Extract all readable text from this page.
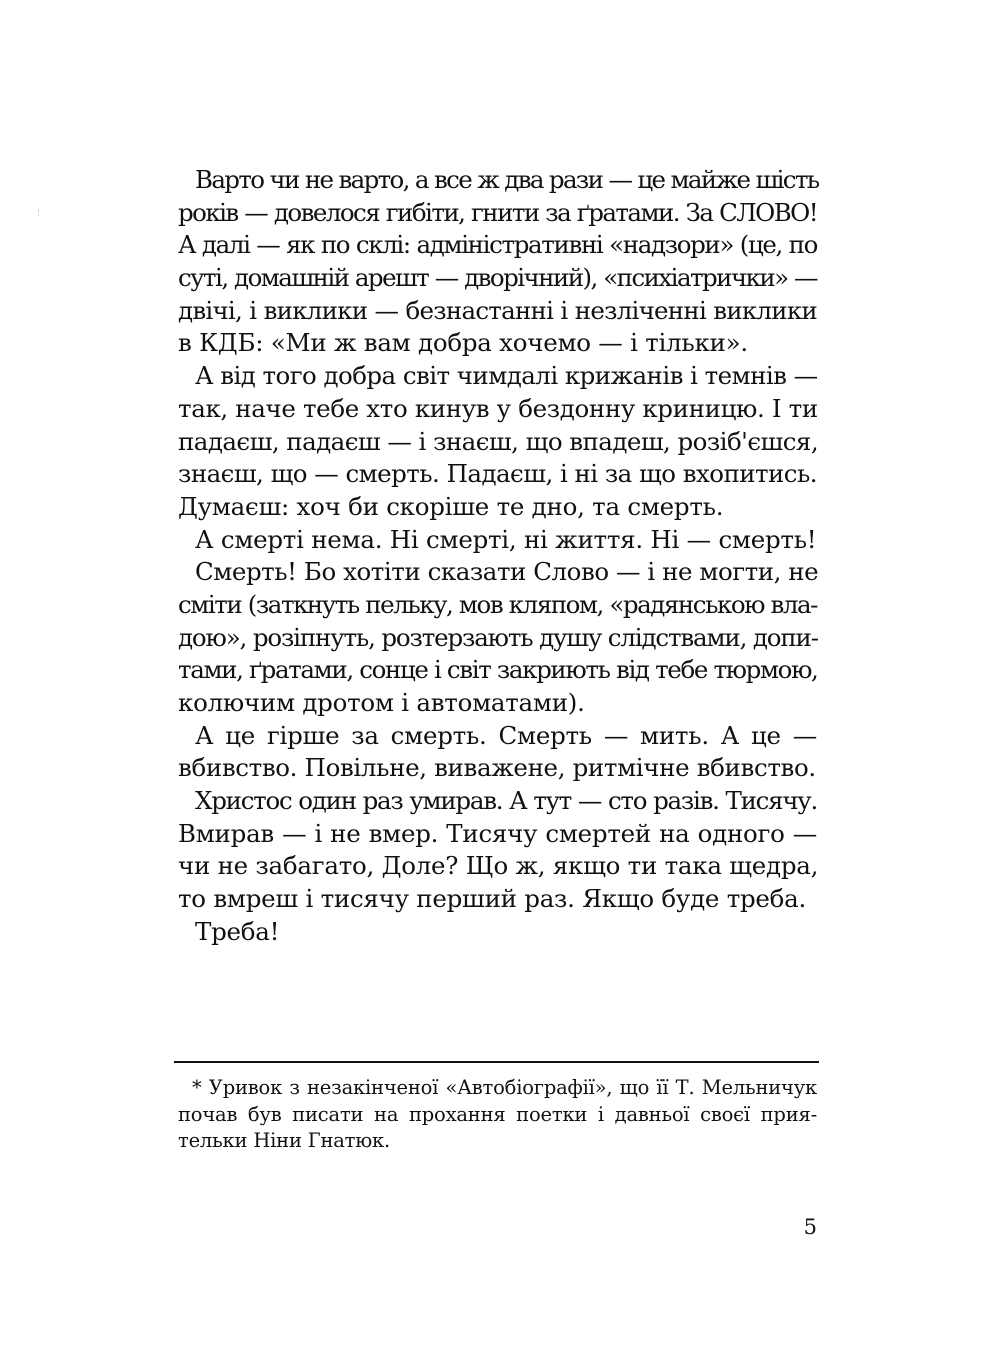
¦
Варто чи не варто, а все ж два рази — це майже шість
років — довелося гибіти, гнити за ґратами. За СЛОВО!
А далі — як по склі: адміністративні «надзори» (це, по
суті, домашній арешт — дворічний), «психіатрички» —
двічі, і виклики — безнастанні і незліченні виклики
в КДБ: «Ми ж вам добра хочемо — і тільки».
А від того добра світ чимдалі крижанів і темнів —
так, наче тебе хто кинув у бездонну криницю. І ти
падаєш, падаєш — і знаєш, що впадеш, розіб'єшся,
знаєш, що — смерть. Падаєш, і ні за що вхопитись.
Думаєш: хоч би скоріше те дно, та смерть.
А смерті нема. Ні смерті, ні життя. Ні — смерть!
Смерть! Бо хотіти сказати Слово — і не могти, не
сміти (заткнуть пельку, мов кляпом, «радянською вла-
дою», розіпнуть, розтерзають душу слідствами, допи-
тами, ґратами, сонце і світ закриють від тебе тюрмою,
колючим дротом і автоматами).
А це гірше за смерть. Смерть — мить. А це —
вбивство. Повільне, виважене, ритмічне вбивство.
Христос один раз умирав. А тут — сто разів. Тисячу.
Вмирав — і не вмер. Тисячу смертей на одного —
чи не забагато, Доле? Що ж, якщо ти така щедра,
то вмреш і тисячу перший раз. Якщо буде треба.
Треба!
* Уривок з незакінченої «Автобіографії», що її Т. Мельничук
почав був писати на прохання поетки і давньої своєї прия-
тельки Ніни Гнатюк.
5
